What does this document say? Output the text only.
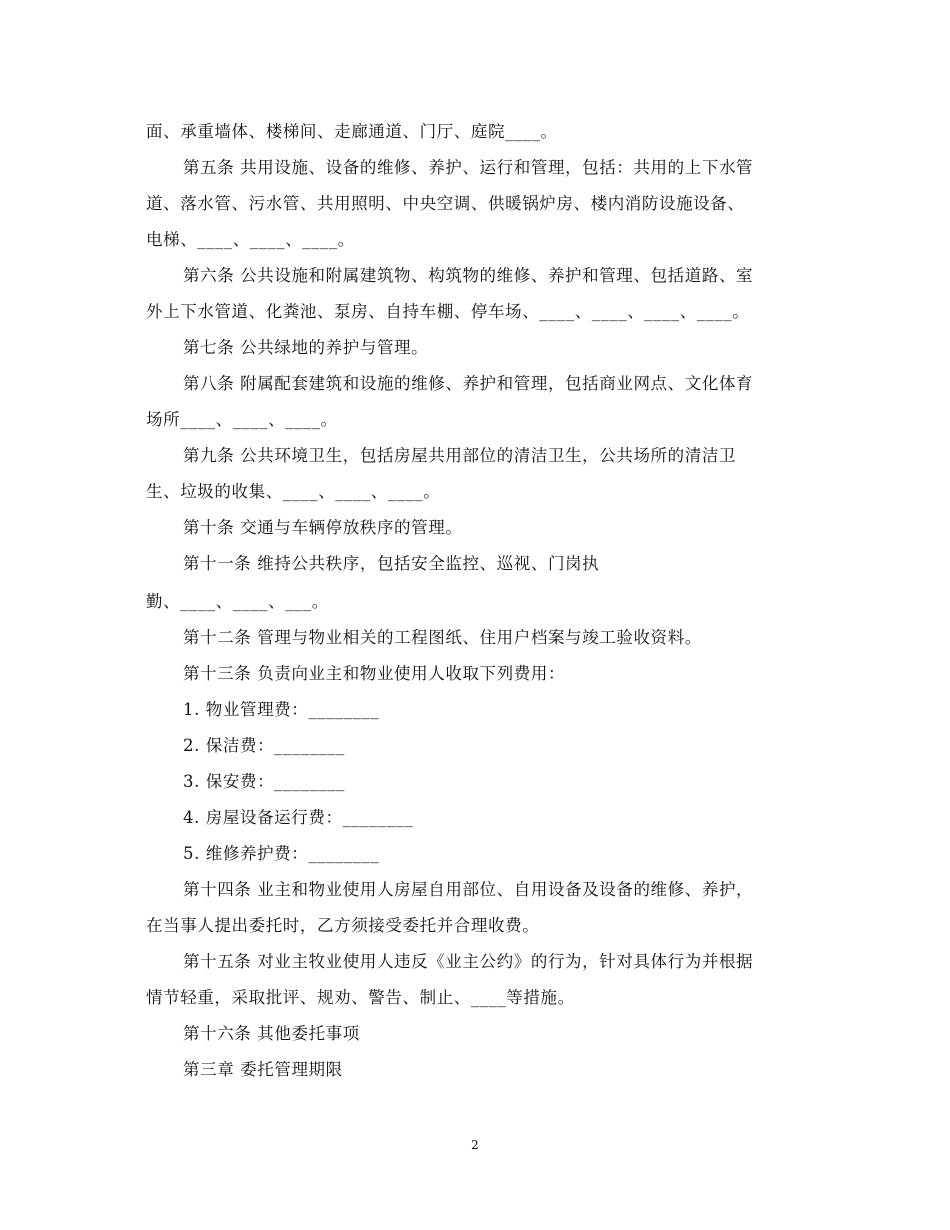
面、承重墙体、楼梯间、走廊通道、门厅、庭院____。
第五条 共用设施、设备的维修、养护、运行和管理，包括：共用的上下水管
道、落水管、污水管、共用照明、中央空调、供暖锅炉房、楼内消防设施设备、
电梯、____、____、____。
第六条 公共设施和附属建筑物、构筑物的维修、养护和管理、包括道路、室
外上下水管道、化粪池、泵房、自持车棚、停车场、____、____、____、____。
第七条 公共绿地的养护与管理。
第八条 附属配套建筑和设施的维修、养护和管理，包括商业网点、文化体育
场所____、____、____。
第九条 公共环境卫生，包括房屋共用部位的清洁卫生，公共场所的清洁卫
生、垃圾的收集、____、____、____。
第十条 交通与车辆停放秩序的管理。
第十一条 维持公共秩序，包括安全监控、巡视、门岗执
勤、____、____、___。
第十二条 管理与物业相关的工程图纸、住用户档案与竣工验收资料。
第十三条 负责向业主和物业使用人收取下列费用：
1. 物业管理费：________
2. 保洁费：________
3. 保安费：________
4. 房屋设备运行费：________
5. 维修养护费：________
第十四条 业主和物业使用人房屋自用部位、自用设备及设备的维修、养护，
在当事人提出委托时，乙方须接受委托并合理收费。
第十五条 对业主牧业使用人违反《业主公约》的行为，针对具体行为并根据
情节轻重，采取批评、规劝、警告、制止、____等措施。
第十六条 其他委托事项
第三章 委托管理期限
2
